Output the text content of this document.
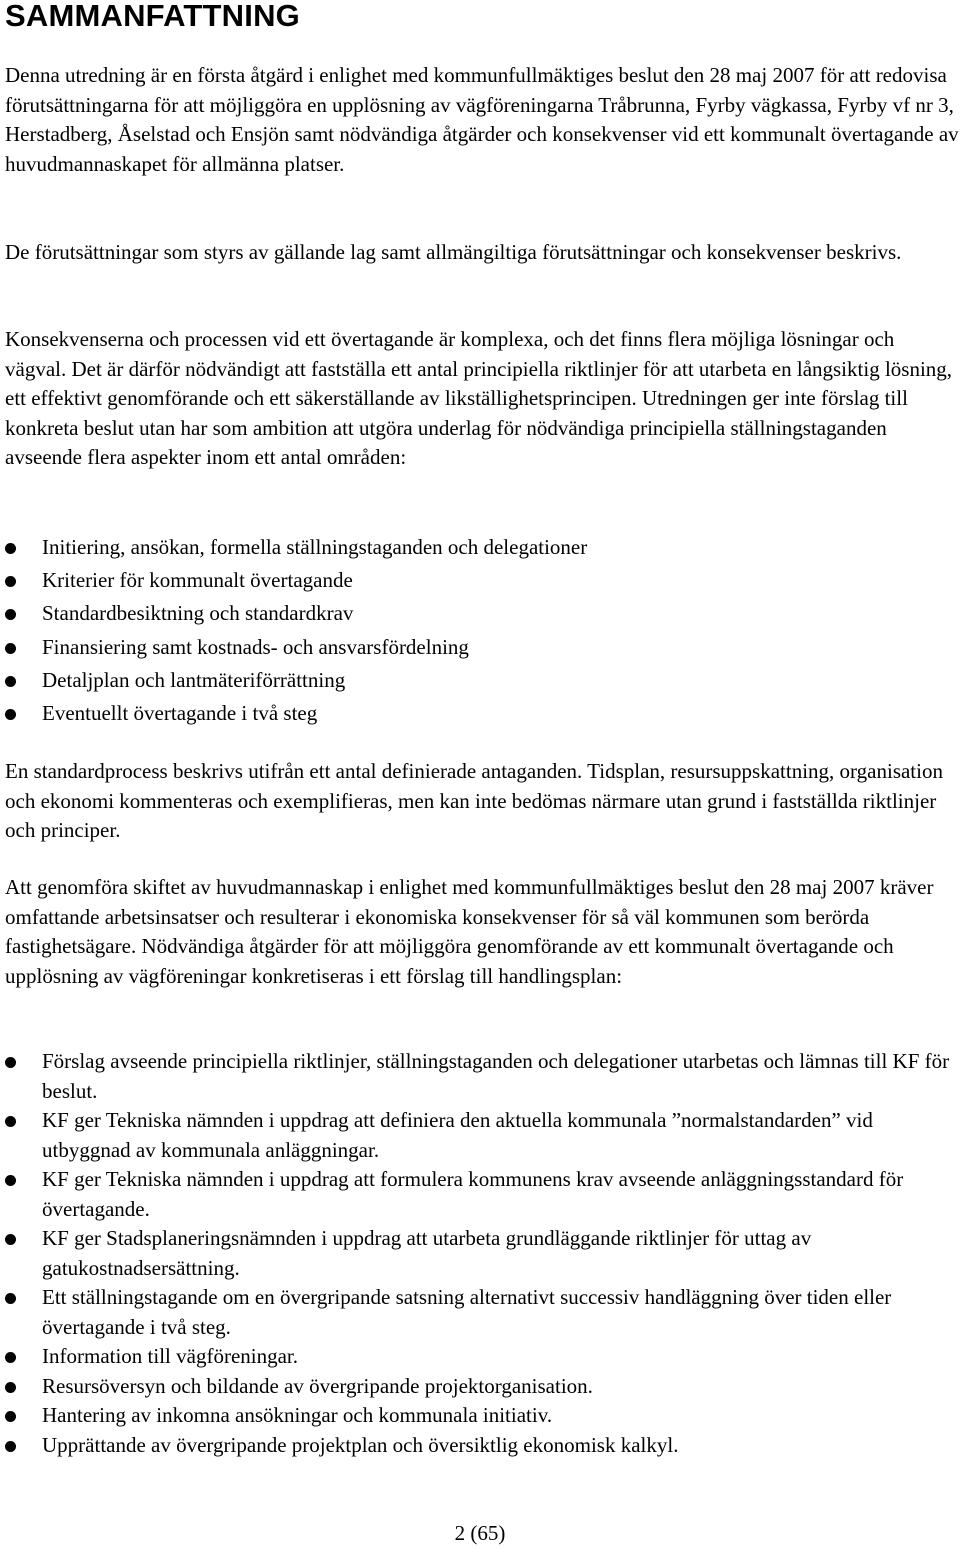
SAMMANFATTNING

Denna utredning är en första åtgärd i enlighet med kommunfullmäktiges beslut den 28 maj 2007 för att redovisa förutsättningarna för att möjliggöra en upplösning av vägföreningarna Tråbrunna, Fyrby vägkassa, Fyrby vf nr 3, Herstadberg, Åselstad och Ensjön samt nödvändiga åtgärder och konsekvenser vid ett kommunalt övertagande av huvudmannaskapet för allmänna platser.

De förutsättningar som styrs av gällande lag samt allmängiltiga förutsättningar och konsekvenser beskrivs.

Konsekvenserna och processen vid ett övertagande är komplexa, och det finns flera möjliga lösningar och vägval. Det är därför nödvändigt att fastställa ett antal principiella riktlinjer för att utarbeta en långsiktig lösning, ett effektivt genomförande och ett säkerställande av likställighetsprincipen. Utredningen ger inte förslag till konkreta beslut utan har som ambition att utgöra underlag för nödvändiga principiella ställningstaganden avseende flera aspekter inom ett antal områden:

Initiering, ansökan, formella ställningstaganden och delegationer
Kriterier för kommunalt övertagande
Standardbesiktning och standardkrav
Finansiering samt kostnads- och ansvarsfördelning
Detaljplan och lantmäteriförrättning
Eventuellt övertagande i två steg

En standardprocess beskrivs utifrån ett antal definierade antaganden. Tidsplan, resursuppskattning, organisation och ekonomi kommenteras och exemplifieras, men kan inte bedömas närmare utan grund i fastställda riktlinjer och principer.

Att genomföra skiftet av huvudmannaskap i enlighet med kommunfullmäktiges beslut den 28 maj 2007 kräver omfattande arbetsinsatser och resulterar i ekonomiska konsekvenser för så väl kommunen som berörda fastighetsägare. Nödvändiga åtgärder för att möjliggöra genomförande av ett kommunalt övertagande och upplösning av vägföreningar konkretiseras i ett förslag till handlingsplan:

Förslag avseende principiella riktlinjer, ställningstaganden och delegationer utarbetas och lämnas till KF för beslut.
KF ger Tekniska nämnden i uppdrag att definiera den aktuella kommunala ”normalstandarden” vid utbyggnad av kommunala anläggningar.
KF ger Tekniska nämnden i uppdrag att formulera kommunens krav avseende anläggningsstandard för övertagande.
KF ger Stadsplaneringsnämnden i uppdrag att utarbeta grundläggande riktlinjer för uttag av gatukostnadsersättning.
Ett ställningstagande om en övergripande satsning alternativt successiv handläggning över tiden eller övertagande i två steg.
Information till vägföreningar.
Resursöversyn och bildande av övergripande projektorganisation.
Hantering av inkomna ansökningar och kommunala initiativ.
Upprättande av övergripande projektplan och översiktlig ekonomisk kalkyl.

2 (65)
